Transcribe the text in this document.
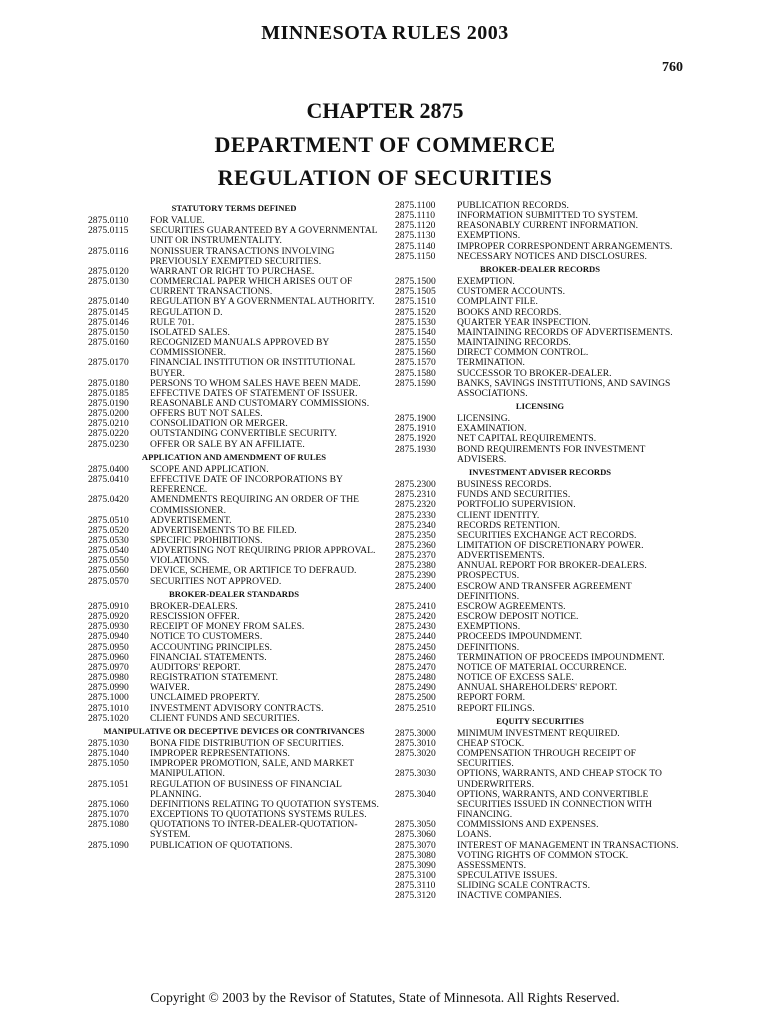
MINNESOTA RULES 2003
760
CHAPTER 2875
DEPARTMENT OF COMMERCE
REGULATION OF SECURITIES
STATUTORY TERMS DEFINED
2875.0110	FOR VALUE.
2875.0115	SECURITIES GUARANTEED BY A GOVERNMENTAL UNIT OR INSTRUMENTALITY.
2875.0116	NONISSUER TRANSACTIONS INVOLVING PREVIOUSLY EXEMPTED SECURITIES.
2875.0120	WARRANT OR RIGHT TO PURCHASE.
2875.0130	COMMERCIAL PAPER WHICH ARISES OUT OF CURRENT TRANSACTIONS.
2875.0140	REGULATION BY A GOVERNMENTAL AUTHORITY.
2875.0145	REGULATION D.
2875.0146	RULE 701.
2875.0150	ISOLATED SALES.
2875.0160	RECOGNIZED MANUALS APPROVED BY COMMISSIONER.
2875.0170	FINANCIAL INSTITUTION OR INSTITUTIONAL BUYER.
2875.0180	PERSONS TO WHOM SALES HAVE BEEN MADE.
2875.0185	EFFECTIVE DATES OF STATEMENT OF ISSUER.
2875.0190	REASONABLE AND CUSTOMARY COMMISSIONS.
2875.0200	OFFERS BUT NOT SALES.
2875.0210	CONSOLIDATION OR MERGER.
2875.0220	OUTSTANDING CONVERTIBLE SECURITY.
2875.0230	OFFER OR SALE BY AN AFFILIATE.
APPLICATION AND AMENDMENT OF RULES
2875.0400	SCOPE AND APPLICATION.
2875.0410	EFFECTIVE DATE OF INCORPORATIONS BY REFERENCE.
2875.0420	AMENDMENTS REQUIRING AN ORDER OF THE COMMISSIONER.
2875.0510	ADVERTISEMENT.
2875.0520	ADVERTISEMENTS TO BE FILED.
2875.0530	SPECIFIC PROHIBITIONS.
2875.0540	ADVERTISING NOT REQUIRING PRIOR APPROVAL.
2875.0550	VIOLATIONS.
2875.0560	DEVICE, SCHEME, OR ARTIFICE TO DEFRAUD.
2875.0570	SECURITIES NOT APPROVED.
BROKER-DEALER STANDARDS
2875.0910	BROKER-DEALERS.
2875.0920	RESCISSION OFFER.
2875.0930	RECEIPT OF MONEY FROM SALES.
2875.0940	NOTICE TO CUSTOMERS.
2875.0950	ACCOUNTING PRINCIPLES.
2875.0960	FINANCIAL STATEMENTS.
2875.0970	AUDITORS' REPORT.
2875.0980	REGISTRATION STATEMENT.
2875.0990	WAIVER.
2875.1000	UNCLAIMED PROPERTY.
2875.1010	INVESTMENT ADVISORY CONTRACTS.
2875.1020	CLIENT FUNDS AND SECURITIES.
MANIPULATIVE OR DECEPTIVE DEVICES OR CONTRIVANCES
2875.1030	BONA FIDE DISTRIBUTION OF SECURITIES.
2875.1040	IMPROPER REPRESENTATIONS.
2875.1050	IMPROPER PROMOTION, SALE, AND MARKET MANIPULATION.
2875.1051	REGULATION OF BUSINESS OF FINANCIAL PLANNING.
2875.1060	DEFINITIONS RELATING TO QUOTATION SYSTEMS.
2875.1070	EXCEPTIONS TO QUOTATIONS SYSTEMS RULES.
2875.1080	QUOTATIONS TO INTER-DEALER-QUOTATION-SYSTEM.
2875.1090	PUBLICATION OF QUOTATIONS.
2875.1100	PUBLICATION RECORDS.
2875.1110	INFORMATION SUBMITTED TO SYSTEM.
2875.1120	REASONABLY CURRENT INFORMATION.
2875.1130	EXEMPTIONS.
2875.1140	IMPROPER CORRESPONDENT ARRANGEMENTS.
2875.1150	NECESSARY NOTICES AND DISCLOSURES.
BROKER-DEALER RECORDS
2875.1500	EXEMPTION.
2875.1505	CUSTOMER ACCOUNTS.
2875.1510	COMPLAINT FILE.
2875.1520	BOOKS AND RECORDS.
2875.1530	QUARTER YEAR INSPECTION.
2875.1540	MAINTAINING RECORDS OF ADVERTISEMENTS.
2875.1550	MAINTAINING RECORDS.
2875.1560	DIRECT COMMON CONTROL.
2875.1570	TERMINATION.
2875.1580	SUCCESSOR TO BROKER-DEALER.
2875.1590	BANKS, SAVINGS INSTITUTIONS, AND SAVINGS ASSOCIATIONS.
LICENSING
2875.1900	LICENSING.
2875.1910	EXAMINATION.
2875.1920	NET CAPITAL REQUIREMENTS.
2875.1930	BOND REQUIREMENTS FOR INVESTMENT ADVISERS.
INVESTMENT ADVISER RECORDS
2875.2300	BUSINESS RECORDS.
2875.2310	FUNDS AND SECURITIES.
2875.2320	PORTFOLIO SUPERVISION.
2875.2330	CLIENT IDENTITY.
2875.2340	RECORDS RETENTION.
2875.2350	SECURITIES EXCHANGE ACT RECORDS.
2875.2360	LIMITATION OF DISCRETIONARY POWER.
2875.2370	ADVERTISEMENTS.
2875.2380	ANNUAL REPORT FOR BROKER-DEALERS.
2875.2390	PROSPECTUS.
2875.2400	ESCROW AND TRANSFER AGREEMENT DEFINITIONS.
2875.2410	ESCROW AGREEMENTS.
2875.2420	ESCROW DEPOSIT NOTICE.
2875.2430	EXEMPTIONS.
2875.2440	PROCEEDS IMPOUNDMENT.
2875.2450	DEFINITIONS.
2875.2460	TERMINATION OF PROCEEDS IMPOUNDMENT.
2875.2470	NOTICE OF MATERIAL OCCURRENCE.
2875.2480	NOTICE OF EXCESS SALE.
2875.2490	ANNUAL SHAREHOLDERS' REPORT.
2875.2500	REPORT FORM.
2875.2510	REPORT FILINGS.
EQUITY SECURITIES
2875.3000	MINIMUM INVESTMENT REQUIRED.
2875.3010	CHEAP STOCK.
2875.3020	COMPENSATION THROUGH RECEIPT OF SECURITIES.
2875.3030	OPTIONS, WARRANTS, AND CHEAP STOCK TO UNDERWRITERS.
2875.3040	OPTIONS, WARRANTS, AND CONVERTIBLE SECURITIES ISSUED IN CONNECTION WITH FINANCING.
2875.3050	COMMISSIONS AND EXPENSES.
2875.3060	LOANS.
2875.3070	INTEREST OF MANAGEMENT IN TRANSACTIONS.
2875.3080	VOTING RIGHTS OF COMMON STOCK.
2875.3090	ASSESSMENTS.
2875.3100	SPECULATIVE ISSUES.
2875.3110	SLIDING SCALE CONTRACTS.
2875.3120	INACTIVE COMPANIES.
Copyright © 2003 by the Revisor of Statutes, State of Minnesota. All Rights Reserved.
